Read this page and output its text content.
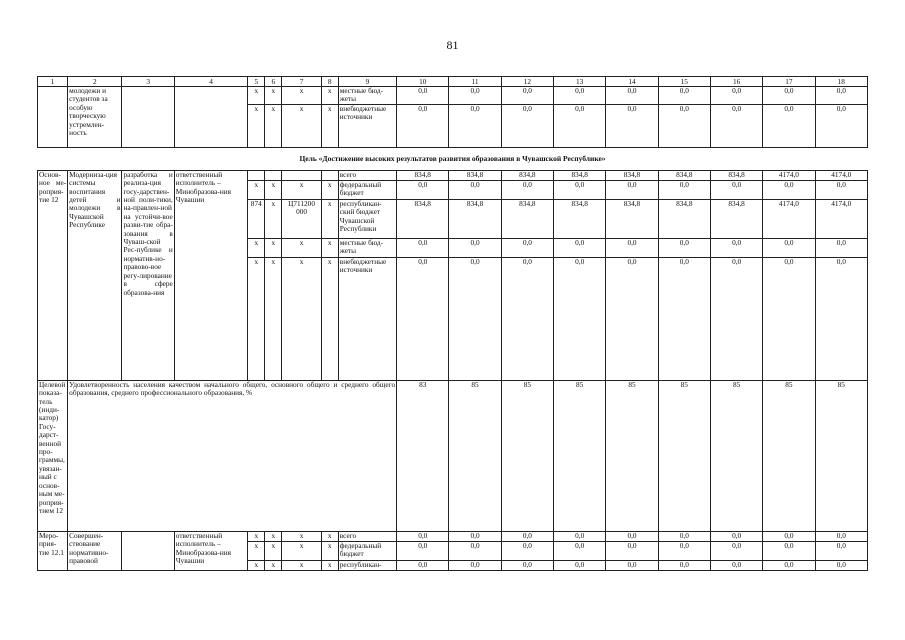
81
1	2	3	4	5	6	7	8	9	10	11	12	13	14	15	16	17	18
	молодежи и студентов за особую творческую устремлен-ность			x	x	x	x	местные бюд-жеты	0,0	0,0	0,0	0,0	0,0	0,0	0,0	0,0	0,0
				x	x	x	x	внебюджетные источники	0,0	0,0	0,0	0,0	0,0	0,0	0,0	0,0	0,0
Цель «Достижение высоких результатов развития образования в Чувашской Республике»																	
Основ-ное ме-роприя-тие 12	Модерниза-ция системы воспитания детей и молодежи в Чувашской Республике	разработка и реализа-ция госу-дарствен-ной поли-тики, на-правлен-ной на устойчи-вое разви-тие обра-зования в Чуваш-ской Рес-публике и норматив-но-правово-вое регу-лирование в сфере образова-ния	ответственный исполнитель – Минобразова-ния Чувашии					всего	834,8	834,8	834,8	834,8	834,8	834,8	834,8	4174,0	4174,0
				x	x	x	x	федеральный бюджет	0,0	0,0	0,0	0,0	0,0	0,0	0,0	0,0	0,0
				874	x	Ц711200 000	x	республикан-ский бюджет Чувашской Республики	834,8	834,8	834,8	834,8	834,8	834,8	834,8	4174,0	4174,0
				x	x	x	x	местные бюд-жеты	0,0	0,0	0,0	0,0	0,0	0,0	0,0	0,0	0,0
				x	x	x	x	внебюджетные источники	0,0	0,0	0,0	0,0	0,0	0,0	0,0	0,0	0,0
Целевой показа-тель (инди-катор) Госу-дарст-венной про-граммы, увязан-ный с основ-ным ме-роприя-тием 12	Удовлетворенность населения качеством начального общего, основного общего и среднего общего образования, среднего профессионального образования, %								83	85	85	85	85	85	85	85	85
Меро-прия-тие 12.1	Совершен-ствование нормативно-правовой		ответственный исполнитель – Минобразова-ния Чувашии	x	x	x	x	всего	0,0	0,0	0,0	0,0	0,0	0,0	0,0	0,0	0,0
				x	x	x	x	федеральный бюджет	0,0	0,0	0,0	0,0	0,0	0,0	0,0	0,0	0,0
				x	x	x	x	республикан-	0,0	0,0	0,0	0,0	0,0	0,0	0,0	0,0	0,0
